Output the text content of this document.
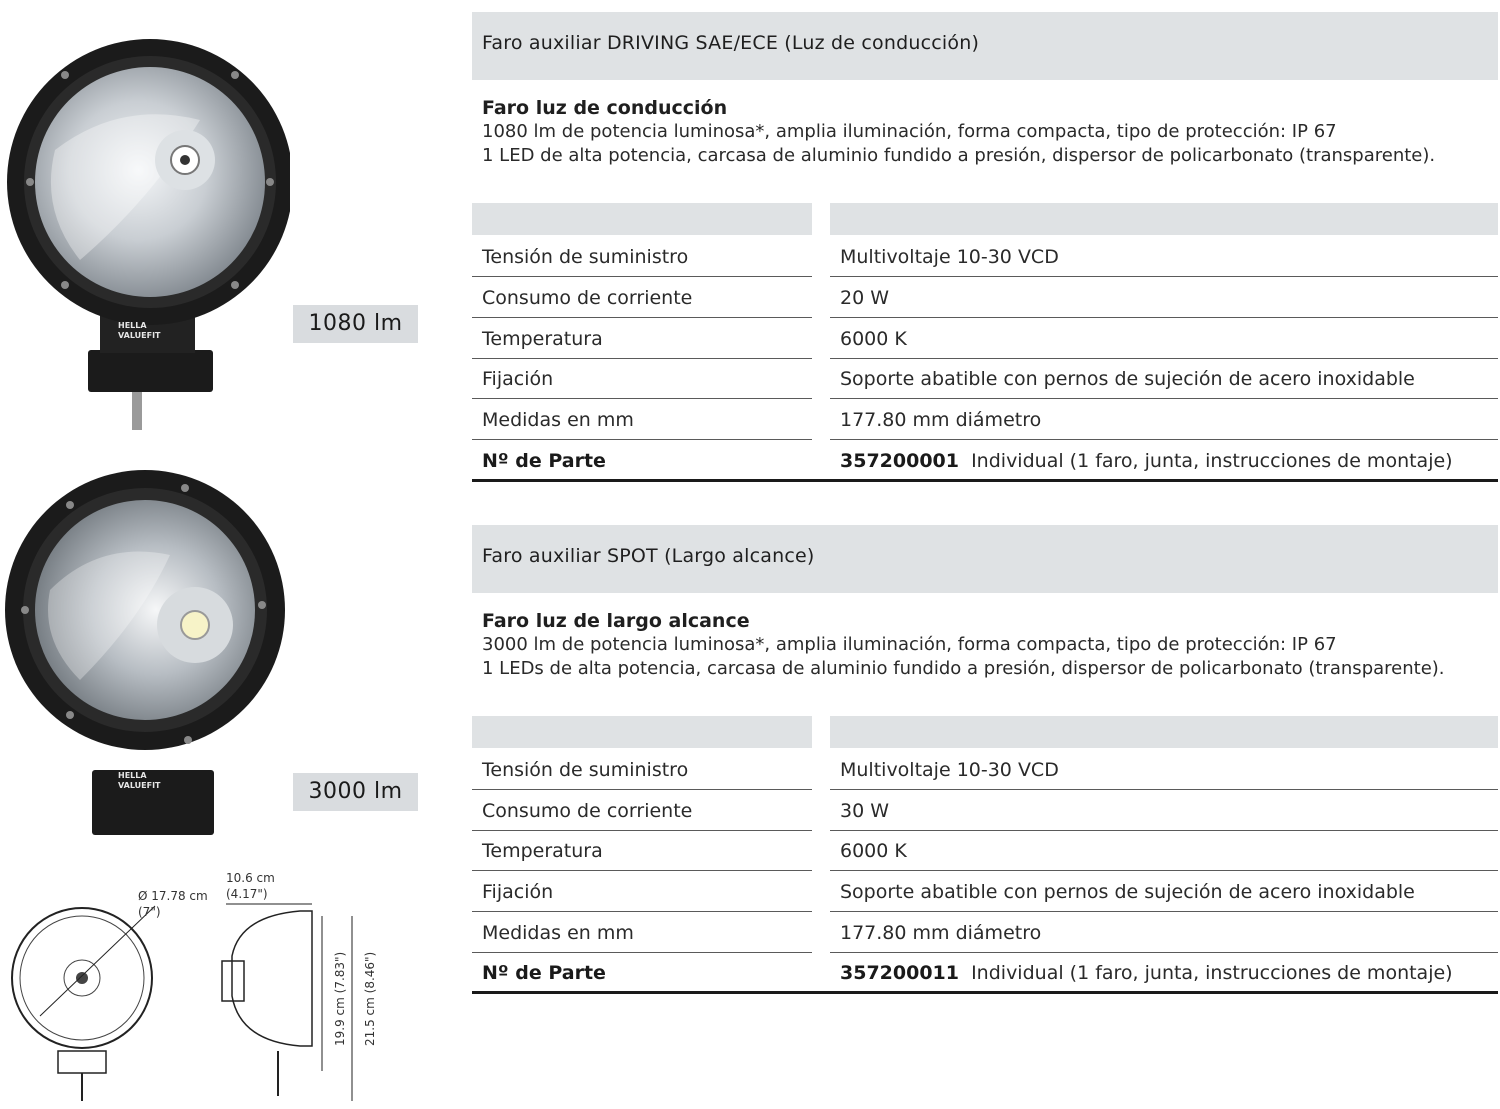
HELLA
VALUEFIT
HELLA
VALUEFIT
1080 lm
3000 lm
Ø 17.78 cm
(7")
10.6 cm
(4.17")
19.9 cm (7.83") 21.5 cm (8.46")
Faro auxiliar DRIVING SAE/ECE (Luz de conducción)
Faro luz de conducción
1080 lm de potencia luminosa*, amplia iluminación, forma compacta, tipo de protección: IP 67
1 LED de alta potencia, carcasa de aluminio fundido a presión, dispersor de policarbonato (transparente).
Tensión de suministro	Multivoltaje 10-30 VCD
Consumo de corriente	20 W
Temperatura	6000 K
Fijación	Soporte abatible con pernos de sujeción de acero inoxidable
Medidas en mm	177.80 mm diámetro
Nº de Parte	357200001 Individual (1 faro, junta, instrucciones de montaje)
Faro auxiliar SPOT (Largo alcance)
Faro luz de largo alcance
3000 lm de potencia luminosa*, amplia iluminación, forma compacta, tipo de protección: IP 67
1 LEDs de alta potencia, carcasa de aluminio fundido a presión, dispersor de policarbonato (transparente).
Tensión de suministro	Multivoltaje 10-30 VCD
Consumo de corriente	30 W
Temperatura	6000 K
Fijación	Soporte abatible con pernos de sujeción de acero inoxidable
Medidas en mm	177.80 mm diámetro
Nº de Parte	357200011 Individual (1 faro, junta, instrucciones de montaje)
